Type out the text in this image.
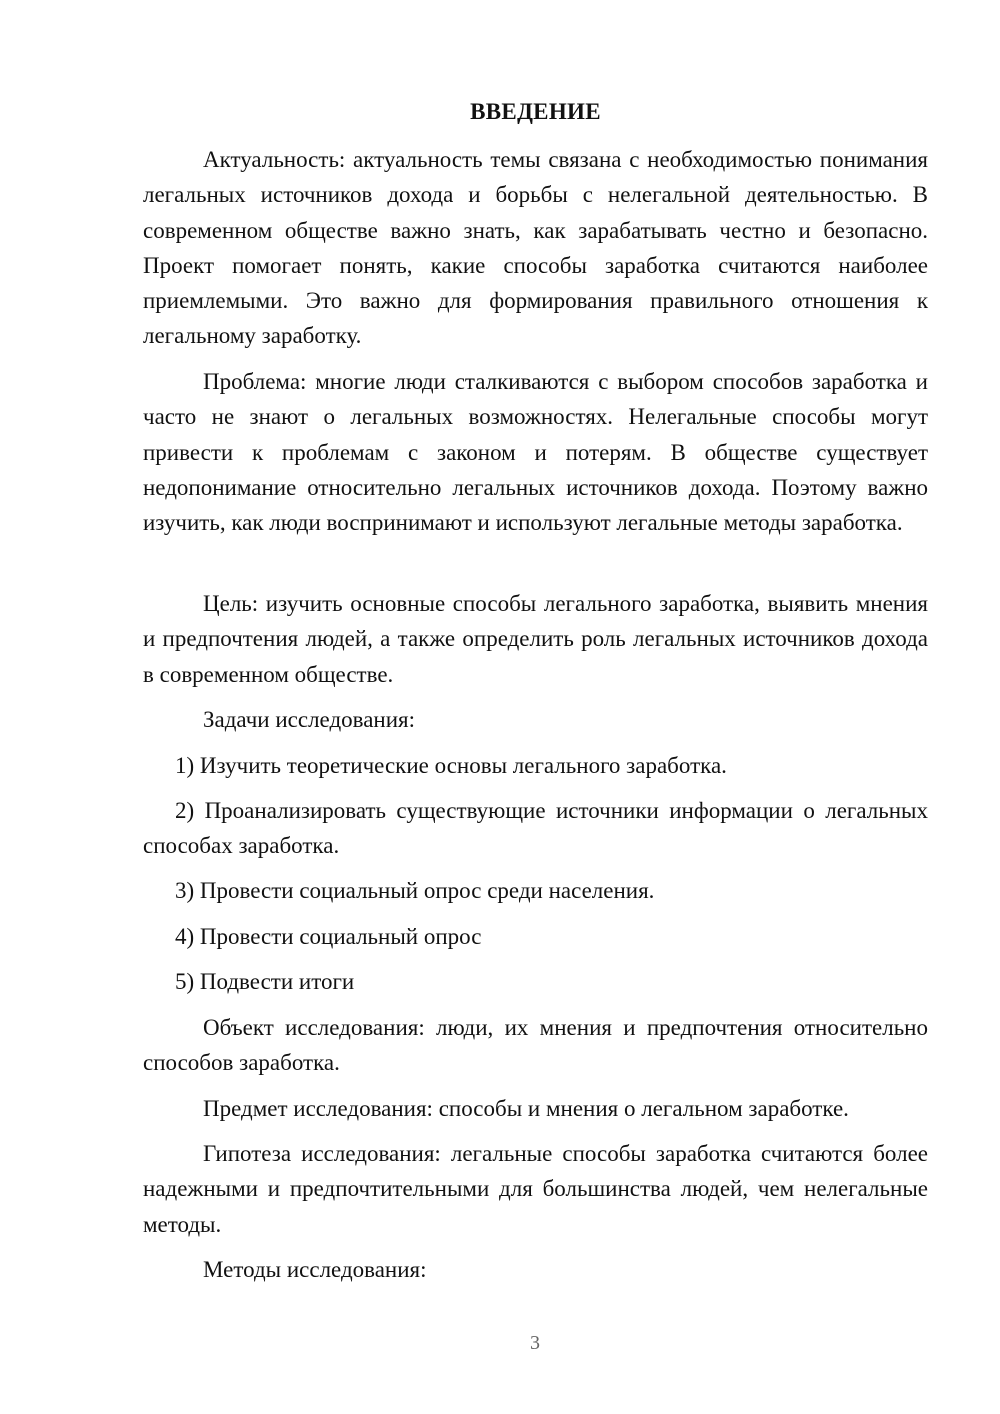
ВВЕДЕНИЕ

Актуальность: актуальность темы связана с необходимостью понимания легальных источников дохода и борьбы с нелегальной деятельностью. В современном обществе важно знать, как зарабатывать честно и безопасно. Проект помогает понять, какие способы заработка считаются наиболее приемлемыми. Это важно для формирования правильного отношения к легальному заработку.

Проблема: многие люди сталкиваются с выбором способов заработка и часто не знают о легальных возможностях. Нелегальные способы могут привести к проблемам с законом и потерям. В обществе существует недопонимание относительно легальных источников дохода. Поэтому важно изучить, как люди воспринимают и используют легальные методы заработка.

Цель: изучить основные способы легального заработка, выявить мнения и предпочтения людей, а также определить роль легальных источников дохода в современном обществе.

Задачи исследования:

1) Изучить теоретические основы легального заработка.

2) Проанализировать существующие источники информации о легальных способах заработка.

3) Провести социальный опрос среди населения.

4) Провести социальный опрос

5) Подвести итоги

Объект исследования: люди, их мнения и предпочтения относительно способов заработка.

Предмет исследования: способы и мнения о легальном заработке.

Гипотеза исследования: легальные способы заработка считаются более надежными и предпочтительными для большинства людей, чем нелегальные методы.

Методы исследования:

3
